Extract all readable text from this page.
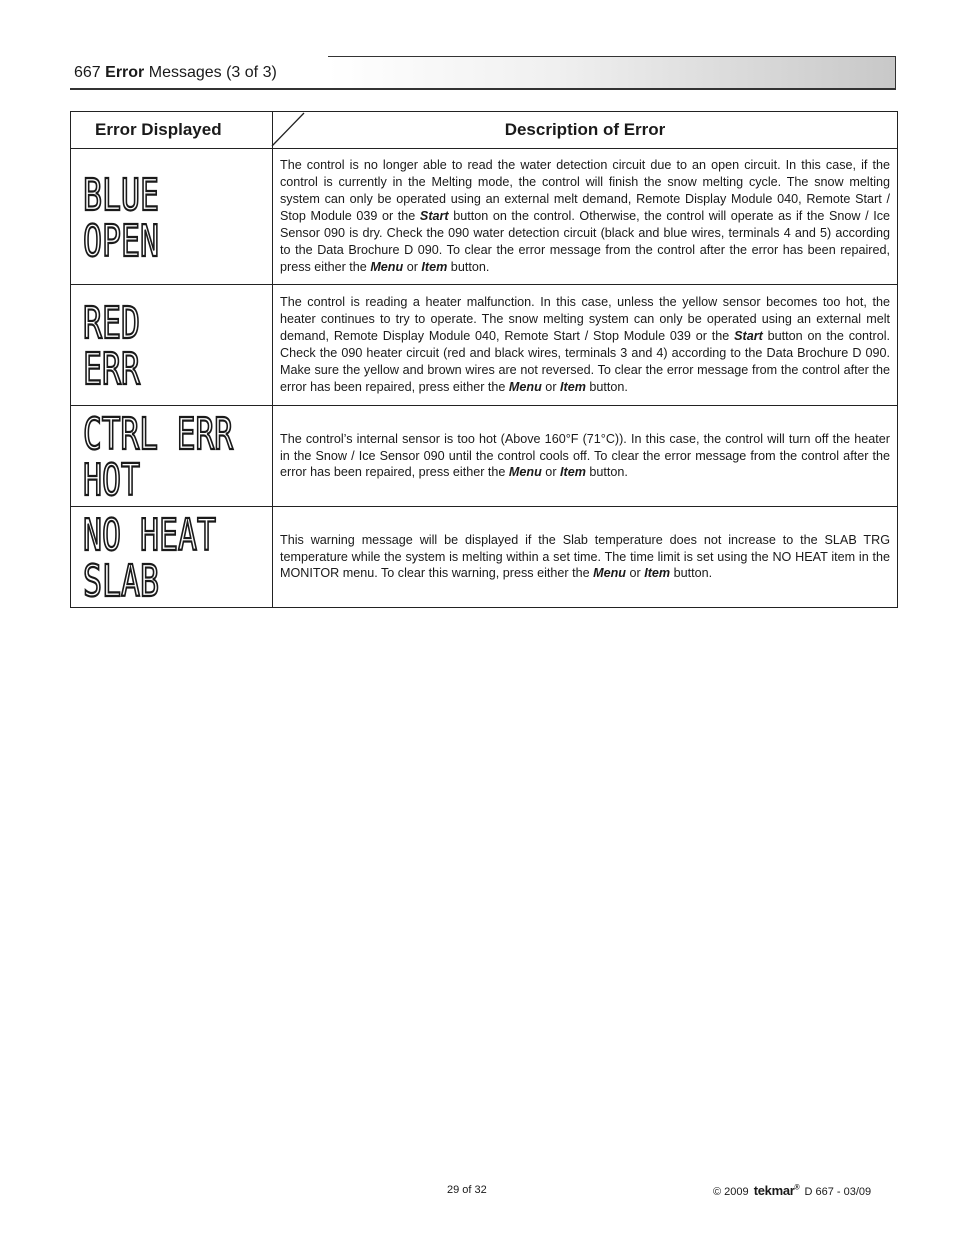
667 Error Messages (3 of 3)
Error Displayed	Description of Error

BLUE
OPEN	The control is no longer able to read the water detection circuit due to an open circuit. In this case, if the control is currently in the Melting mode, the control will finish the snow melting cycle. The snow melting system can only be operated using an external melt demand, Remote Display Module 040, Remote Start / Stop Module 039 or the Start button on the control. Otherwise, the control will operate as if the Snow / Ice Sensor 090 is dry. Check the 090 water detection circuit (black and blue wires, terminals 4 and 5) according to the Data Brochure D 090. To clear the error message from the control after the error has been repaired, press either the Menu or Item button.

RED
ERR	The control is reading a heater malfunction. In this case, unless the yellow sensor becomes too hot, the heater continues to try to operate. The snow melting system can only be operated using an external melt demand, Remote Display Module 040, Remote Start / Stop Module 039 or the Start button on the control. Check the 090 heater circuit (red and black wires, terminals 3 and 4) according to the Data Brochure D 090. Make sure the yellow and brown wires are not reversed. To clear the error message from the control after the error has been repaired, press either the Menu or Item button.

CTRL ERR
HOT	The control’s internal sensor is too hot (Above 160°F (71°C)). In this case, the control will turn off the heater in the Snow / Ice Sensor 090 until the control cools off. To clear the error message from the control after the error has been repaired, press either the Menu or Item button.

NO HEAT
SLAB	This warning message will be displayed if the Slab temperature does not increase to the SLAB TRG temperature while the system is melting within a set time. The time limit is set using the NO HEAT item in the MONITOR menu. To clear this warning, press either the Menu or Item button.
29 of 32	© 2009 tekmar® D 667 - 03/09
